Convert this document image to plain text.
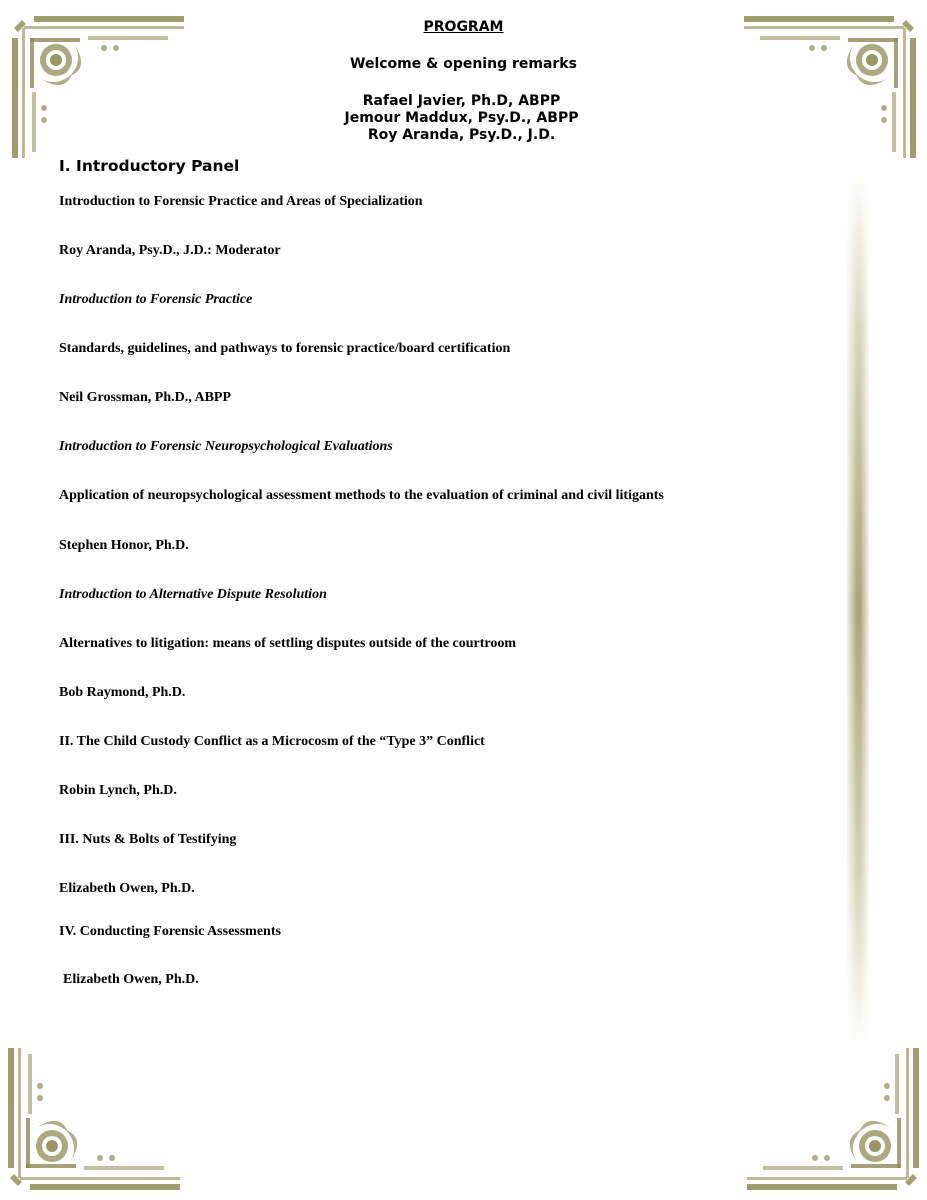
PROGRAM
Welcome & opening remarks
Rafael Javier, Ph.D, ABPP
Jemour Maddux, Psy.D., ABPP
Roy Aranda, Psy.D., J.D.
I. Introductory Panel
Introduction to Forensic Practice and Areas of Specialization
Roy Aranda, Psy.D., J.D.: Moderator
Introduction to Forensic Practice
Standards, guidelines, and pathways to forensic practice/board certification
Neil Grossman, Ph.D., ABPP
Introduction to Forensic Neuropsychological Evaluations
Application of neuropsychological assessment methods to the evaluation of criminal and civil litigants
Stephen Honor, Ph.D.
Introduction to Alternative Dispute Resolution
Alternatives to litigation: means of settling disputes outside of the courtroom
Bob Raymond, Ph.D.
II. The Child Custody Conflict as a Microcosm of the “Type 3” Conflict
Robin Lynch, Ph.D.
III. Nuts & Bolts of Testifying
Elizabeth Owen, Ph.D.
IV. Conducting Forensic Assessments
Elizabeth Owen, Ph.D.
